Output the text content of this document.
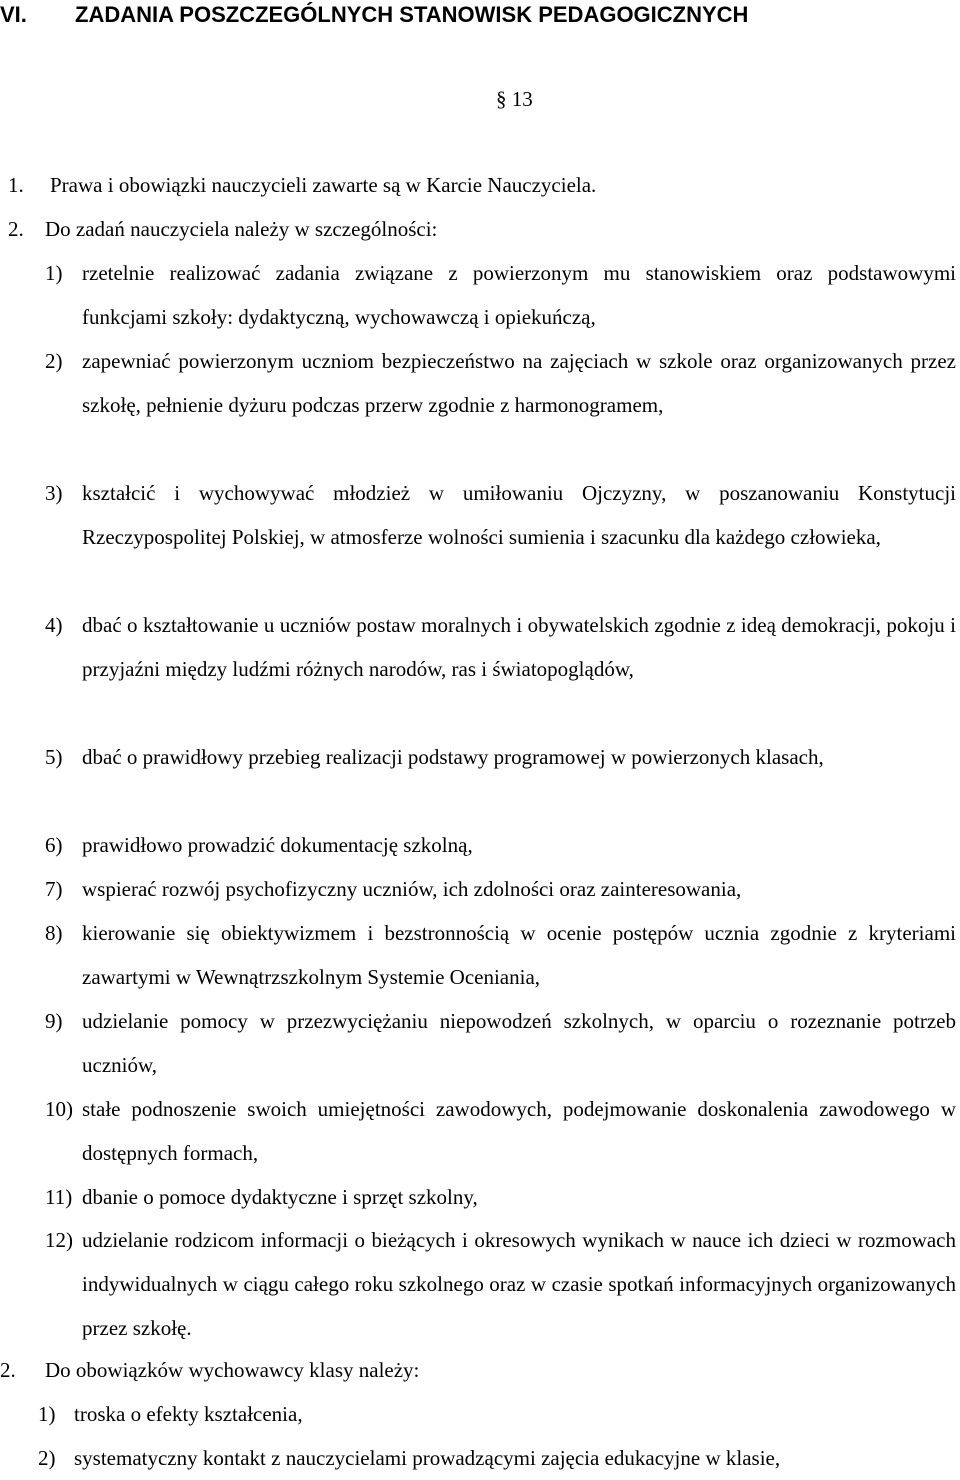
VI. ZADANIA POSZCZEGÓLNYCH STANOWISK PEDAGOGICZNYCH
§ 13
1. Prawa i obowiązki nauczycieli zawarte są w Karcie Nauczyciela.
2. Do zadań nauczyciela należy w szczególności:
1) rzetelnie realizować zadania związane z powierzonym mu stanowiskiem oraz podstawowymi funkcjami szkoły: dydaktyczną, wychowawczą i opiekuńczą,
2) zapewniać powierzonym uczniom bezpieczeństwo na zajęciach w szkole oraz organizowanych przez szkołę, pełnienie dyżuru podczas przerw zgodnie z harmonogramem,
3) kształcić i wychowywać młodzież w umiłowaniu Ojczyzny, w poszanowaniu Konstytucji Rzeczypospolitej Polskiej, w atmosferze wolności sumienia i szacunku dla każdego człowieka,
4) dbać o kształtowanie u uczniów postaw moralnych i obywatelskich zgodnie z ideą demokracji, pokoju i przyjaźni między ludźmi różnych narodów, ras i światopoglądów,
5) dbać o prawidłowy przebieg realizacji podstawy programowej w powierzonych klasach,
6) prawidłowo prowadzić dokumentację szkolną,
7) wspierać rozwój psychofizyczny uczniów, ich zdolności oraz zainteresowania,
8) kierowanie się obiektywizmem i bezstronnością w ocenie postępów ucznia zgodnie z kryteriami zawartymi w Wewnątrzszkolnym Systemie Oceniania,
9) udzielanie pomocy w przezwyciężaniu niepowodzeń szkolnych, w oparciu o rozeznanie potrzeb uczniów,
10) stałe podnoszenie swoich umiejętności zawodowych, podejmowanie doskonalenia zawodowego w dostępnych formach,
11) dbanie o pomoce dydaktyczne i sprzęt szkolny,
12) udzielanie rodzicom informacji o bieżących i okresowych wynikach w nauce ich dzieci w rozmowach indywidualnych w ciągu całego roku szkolnego oraz w czasie spotkań informacyjnych organizowanych przez szkołę.
2. Do obowiązków wychowawcy klasy należy:
1) troska o efekty kształcenia,
2) systematyczny kontakt z nauczycielami prowadzącymi zajęcia edukacyjne w klasie,
